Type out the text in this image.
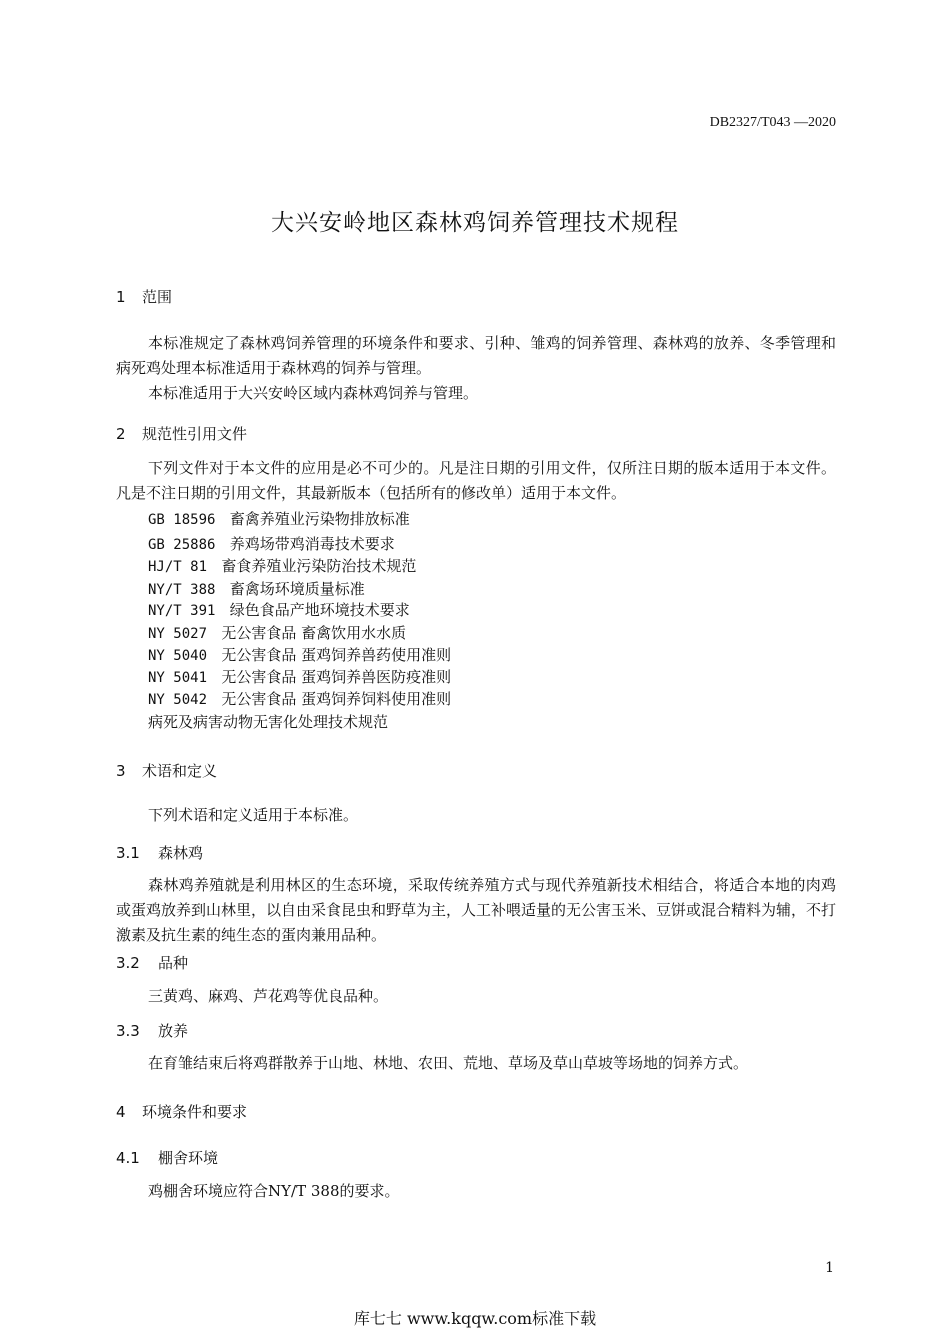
DB2327/T043 —2020
大兴安岭地区森林鸡饲养管理技术规程
1 范围
本标准规定了森林鸡饲养管理的环境条件和要求、引种、雏鸡的饲养管理、森林鸡的放养、冬季管理和病死鸡处理本标准适用于森林鸡的饲养与管理。
本标准适用于大兴安岭区域内森林鸡饲养与管理。
2 规范性引用文件
下列文件对于本文件的应用是必不可少的。凡是注日期的引用文件，仅所注日期的版本适用于本文件。凡是不注日期的引用文件，其最新版本（包括所有的修改单）适用于本文件。
GB 18596 畜禽养殖业污染物排放标准
GB 25886 养鸡场带鸡消毒技术要求
HJ/T 81 畜食养殖业污染防治技术规范
NY/T 388 畜禽场环境质量标准
NY/T 391 绿色食品产地环境技术要求
NY 5027 无公害食品 畜禽饮用水水质
NY 5040 无公害食品 蛋鸡饲养兽药使用准则
NY 5041 无公害食品 蛋鸡饲养兽医防疫准则
NY 5042 无公害食品 蛋鸡饲养饲料使用准则
病死及病害动物无害化处理技术规范
3 术语和定义
下列术语和定义适用于本标准。
3.1 森林鸡
森林鸡养殖就是利用林区的生态环境，采取传统养殖方式与现代养殖新技术相结合，将适合本地的肉鸡或蛋鸡放养到山林里，以自由采食昆虫和野草为主，人工补喂适量的无公害玉米、豆饼或混合精料为辅，不打激素及抗生素的纯生态的蛋肉兼用品种。
3.2 品种
三黄鸡、麻鸡、芦花鸡等优良品种。
3.3 放养
在育雏结束后将鸡群散养于山地、林地、农田、荒地、草场及草山草坡等场地的饲养方式。
4 环境条件和要求
4.1 棚舍环境
鸡棚舍环境应符合NY/T 388的要求。
1
库七七 www.kqqw.com标准下载
